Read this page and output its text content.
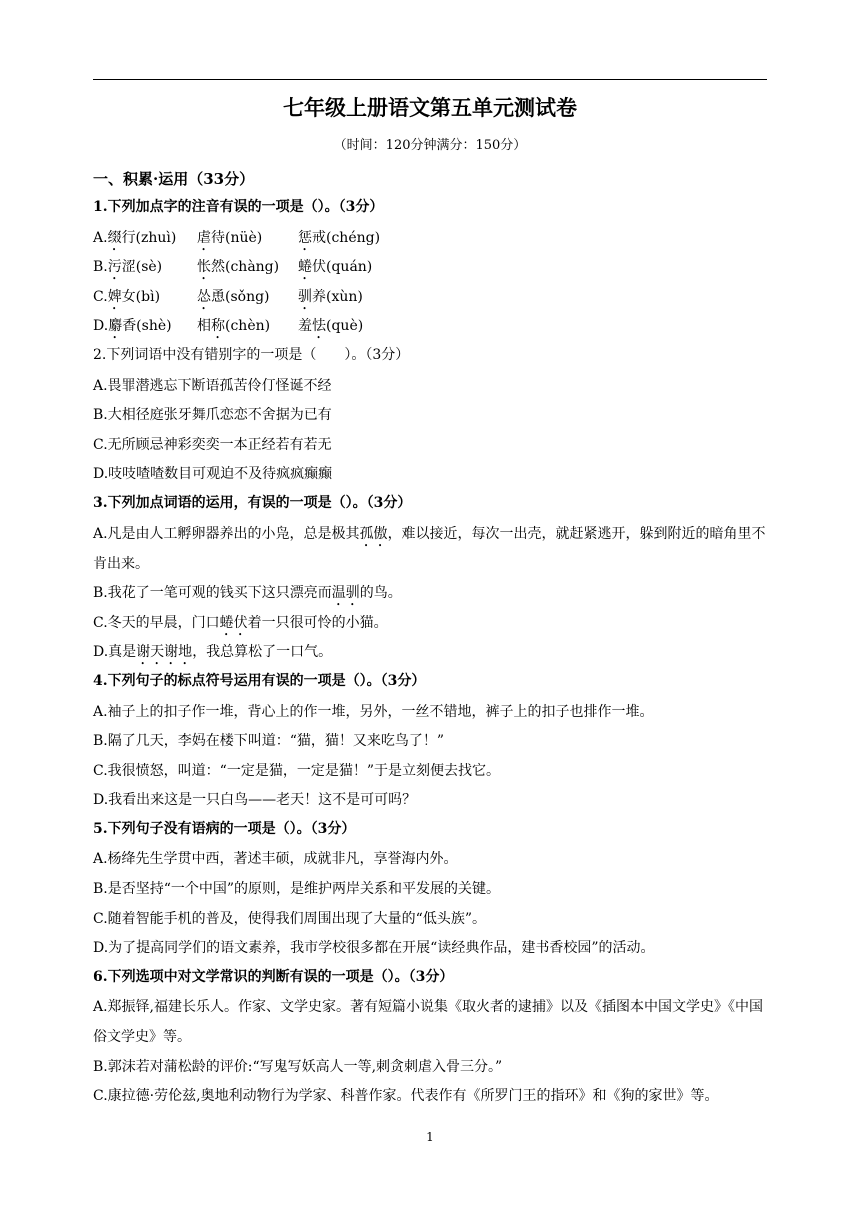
七年级上册语文第五单元测试卷
（时间：120分钟满分：150分）
一、积累·运用（33分）
1.下列加点字的注音有误的一项是（）。（3分）
A.缀行(zhuì) 虐待(nüè)	惩戒(chéng)
B.污涩(sè) 怅然(chàng) 蜷伏(quán)
C.婢女(bì)	怂恿(sǒng) 驯养(xùn)
D.麝香(shè) 相称(chèn) 羞怯(què)
2.下列词语中没有错别字的一项是（　　）。（3分）
A.畏罪潜逃忘下断语孤苦伶仃怪诞不经
B.大相径庭张牙舞爪恋恋不舍据为已有
C.无所顾忌神彩奕奕一本正经若有若无
D.吱吱喳喳数目可观迫不及待疯疯癫癫
3.下列加点词语的运用，有误的一项是（）。（3分）
A.凡是由人工孵卵器养出的小凫，总是极其孤傲，难以接近，每次一出壳，就赶紧逃开，躲到附近的暗角里不肯出来。
B.我花了一笔可观的钱买下这只漂亮而温驯的鸟。
C.冬天的早晨，门口蜷伏着一只很可怜的小猫。
D.真是谢天谢地，我总算松了一口气。
4.下列句子的标点符号运用有误的一项是（）。（3分）
A.袖子上的扣子作一堆，背心上的作一堆，另外，一丝不错地，裤子上的扣子也排作一堆。
B.隔了几天，李妈在楼下叫道：“猫，猫！又来吃鸟了！”
C.我很愤怒，叫道：“一定是猫，一定是猫！”于是立刻便去找它。
D.我看出来这是一只白鸟——老天！这不是可可吗？
5.下列句子没有语病的一项是（）。（3分）
A.杨绛先生学贯中西，著述丰硕，成就非凡，享誉海内外。
B.是否坚持“一个中国”的原则，是维护两岸关系和平发展的关键。
C.随着智能手机的普及，使得我们周围出现了大量的“低头族”。
D.为了提高同学们的语文素养，我市学校很多都在开展“读经典作品，建书香校园”的活动。
6.下列选项中对文学常识的判断有误的一项是（）。（3分）
A.郑振铎,福建长乐人。作家、文学史家。著有短篇小说集《取火者的逮捕》以及《插图本中国文学史》《中国俗文学史》等。
B.郭沫若对蒲松龄的评价:“写鬼写妖高人一等,刺贪刺虐入骨三分。”
C.康拉德·劳伦兹,奥地利动物行为学家、科普作家。代表作有《所罗门王的指环》和《狗的家世》等。
1
